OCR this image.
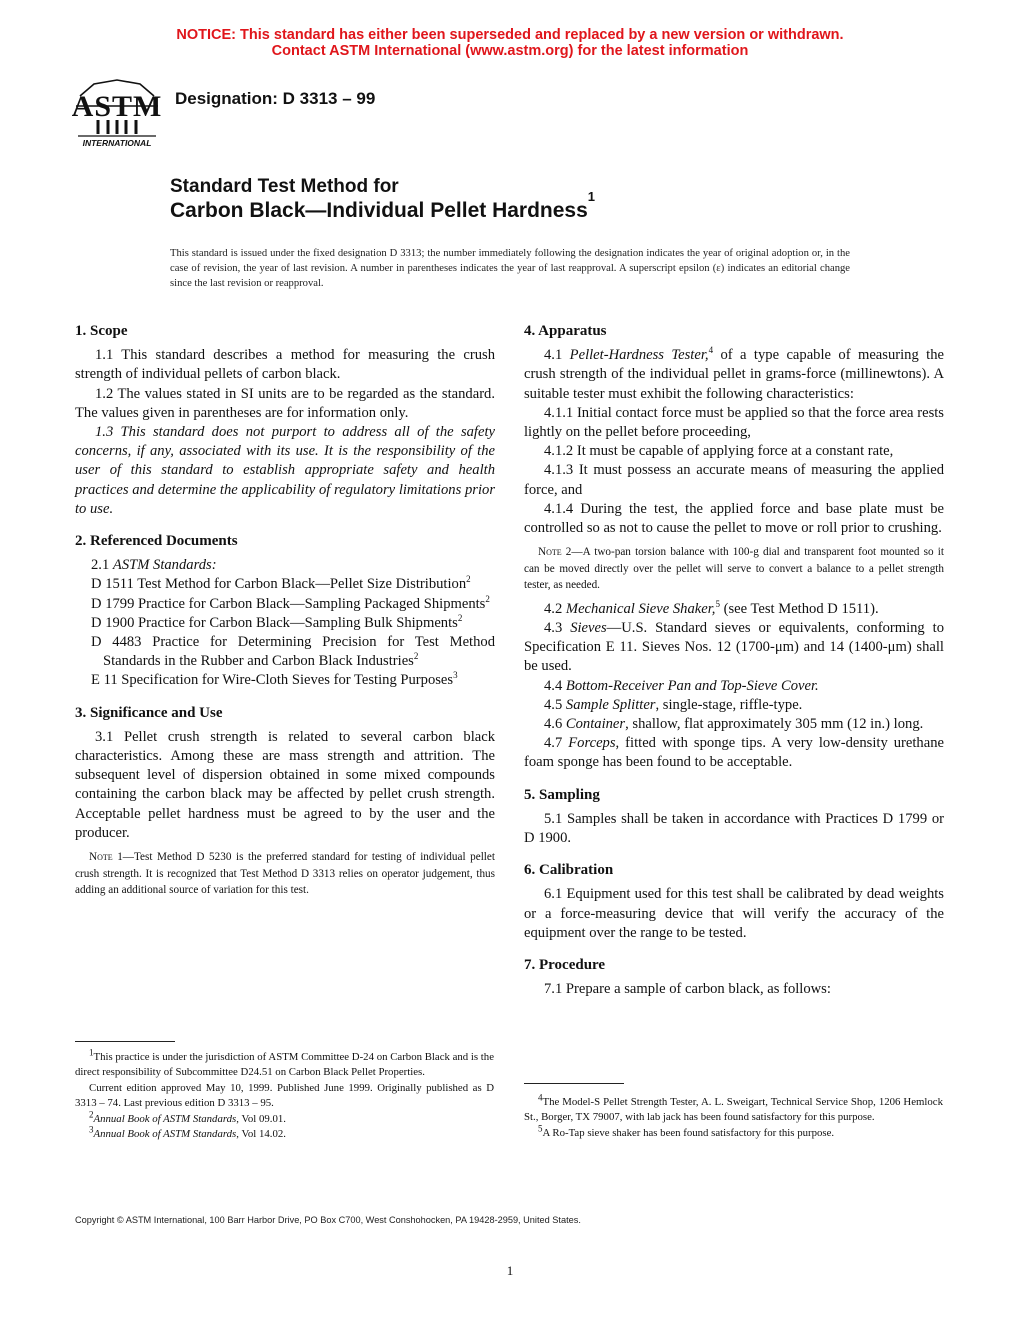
NOTICE: This standard has either been superseded and replaced by a new version or withdrawn.
Contact ASTM International (www.astm.org) for the latest information
ASTM
INTERNATIONAL
Designation: D 3313 – 99
Standard Test Method for
Carbon Black—Individual Pellet Hardness$^1$
This standard is issued under the fixed designation D 3313; the number immediately following the designation indicates the year of original adoption or, in the case of revision, the year of last revision. A number in parentheses indicates the year of last reapproval. A superscript epsilon (ε) indicates an editorial change since the last revision or reapproval.
1. Scope

1.1 This standard describes a method for measuring the crush strength of individual pellets of carbon black.

1.2 The values stated in SI units are to be regarded as the standard. The values given in parentheses are for information only.

1.3 This standard does not purport to address all of the safety concerns, if any, associated with its use. It is the responsibility of the user of this standard to establish appropriate safety and health practices and determine the applicability of regulatory limitations prior to use.

2. Referenced Documents

2.1 ASTM Standards:

D 1511 Test Method for Carbon Black—Pellet Size Distribution$^2$

D 1799 Practice for Carbon Black—Sampling Packaged Shipments$^2$

D 1900 Practice for Carbon Black—Sampling Bulk Shipments$^2$

D 4483 Practice for Determining Precision for Test Method Standards in the Rubber and Carbon Black Industries$^2$

E 11 Specification for Wire-Cloth Sieves for Testing Purposes$^3$

3. Significance and Use

3.1 Pellet crush strength is related to several carbon black characteristics. Among these are mass strength and attrition. The subsequent level of dispersion obtained in some mixed compounds containing the carbon black may be affected by pellet crush strength. Acceptable pellet hardness must be agreed to by the user and the producer.

Note 1—Test Method D 5230 is the preferred standard for testing of individual pellet crush strength. It is recognized that Test Method D 3313 relies on operator judgement, thus adding an additional source of variation for this test.

$^1$This practice is under the jurisdiction of ASTM Committee D-24 on Carbon Black and is the direct responsibility of Subcommittee D24.51 on Carbon Black Pellet Properties.

Current edition approved May 10, 1999. Published June 1999. Originally published as D 3313 – 74. Last previous edition D 3313 – 95.

$^2$Annual Book of ASTM Standards, Vol 09.01.

$^3$Annual Book of ASTM Standards, Vol 14.02.

4. Apparatus

4.1 Pellet-Hardness Tester,$^4$ of a type capable of measuring the crush strength of the individual pellet in grams-force (millinewtons). A suitable tester must exhibit the following characteristics:

4.1.1 Initial contact force must be applied so that the force area rests lightly on the pellet before proceeding,

4.1.2 It must be capable of applying force at a constant rate,

4.1.3 It must possess an accurate means of measuring the applied force, and

4.1.4 During the test, the applied force and base plate must be controlled so as not to cause the pellet to move or roll prior to crushing.

Note 2—A two-pan torsion balance with 100-g dial and transparent foot mounted so it can be moved directly over the pellet will serve to convert a balance to a pellet strength tester, as needed.

4.2 Mechanical Sieve Shaker,$^5$ (see Test Method D 1511).

4.3 Sieves—U.S. Standard sieves or equivalents, conforming to Specification E 11. Sieves Nos. 12 (1700-μm) and 14 (1400-μm) shall be used.

4.4 Bottom-Receiver Pan and Top-Sieve Cover.

4.5 Sample Splitter, single-stage, riffle-type.

4.6 Container, shallow, flat approximately 305 mm (12 in.) long.

4.7 Forceps, fitted with sponge tips. A very low-density urethane foam sponge has been found to be acceptable.

5. Sampling

5.1 Samples shall be taken in accordance with Practices D 1799 or D 1900.

6. Calibration

6.1 Equipment used for this test shall be calibrated by dead weights or a force-measuring device that will verify the accuracy of the equipment over the range to be tested.

7. Procedure

7.1 Prepare a sample of carbon black, as follows:

$^4$The Model-S Pellet Strength Tester, A. L. Sweigart, Technical Service Shop, 1206 Hemlock St., Borger, TX 79007, with lab jack has been found satisfactory for this purpose.

$^5$A Ro-Tap sieve shaker has been found satisfactory for this purpose.

Copyright © ASTM International, 100 Barr Harbor Drive, PO Box C700, West Conshohocken, PA 19428-2959, United States.
1
